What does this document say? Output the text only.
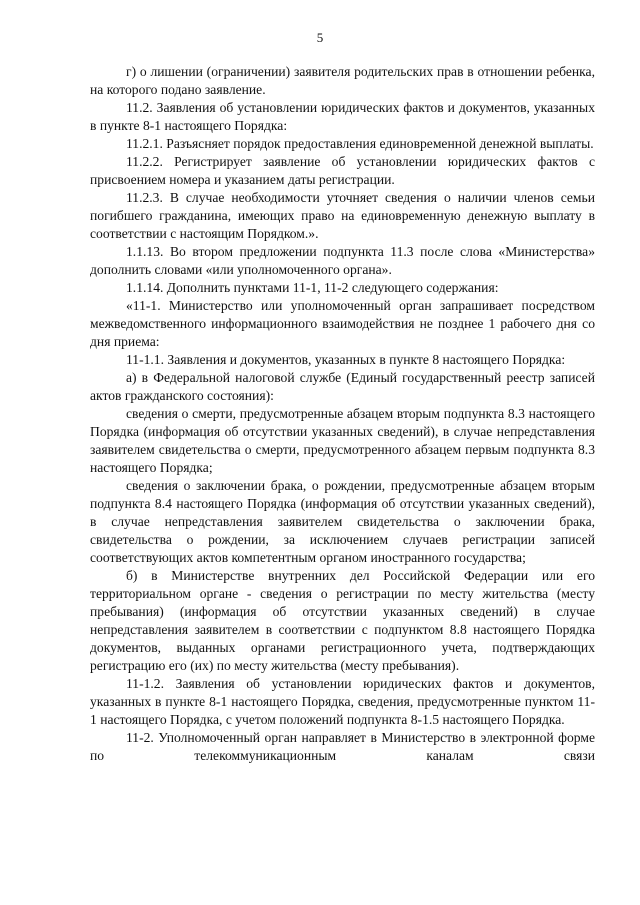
5

г) о лишении (ограничении) заявителя родительских прав в отношении ребенка, на которого подано заявление.

11.2. Заявления об установлении юридических фактов и документов, указанных в пункте 8-1 настоящего Порядка:

11.2.1. Разъясняет порядок предоставления единовременной денежной выплаты.

11.2.2. Регистрирует заявление об установлении юридических фактов с присвоением номера и указанием даты регистрации.

11.2.3. В случае необходимости уточняет сведения о наличии членов семьи погибшего гражданина, имеющих право на единовременную денежную выплату в соответствии с настоящим Порядком.».

1.1.13. Во втором предложении подпункта 11.3 после слова «Министерства» дополнить словами «или уполномоченного органа».

1.1.14. Дополнить пунктами 11-1, 11-2 следующего содержания:

«11-1. Министерство или уполномоченный орган запрашивает посредством межведомственного информационного взаимодействия не позднее 1 рабочего дня со дня приема:

11-1.1. Заявления и документов, указанных в пункте 8 настоящего Порядка:

а) в Федеральной налоговой службе (Единый государственный реестр записей актов гражданского состояния):

сведения о смерти, предусмотренные абзацем вторым подпункта 8.3 настоящего Порядка (информация об отсутствии указанных сведений), в случае непредставления заявителем свидетельства о смерти, предусмотренного абзацем первым подпункта 8.3 настоящего Порядка;

сведения о заключении брака, о рождении, предусмотренные абзацем вторым подпункта 8.4 настоящего Порядка (информация об отсутствии указанных сведений), в случае непредставления заявителем свидетельства о заключении брака, свидетельства о рождении, за исключением случаев регистрации записей соответствующих актов компетентным органом иностранного государства;

б) в Министерстве внутренних дел Российской Федерации или его территориальном органе - сведения о регистрации по месту жительства (месту пребывания) (информация об отсутствии указанных сведений) в случае непредставления заявителем в соответствии с подпунктом 8.8 настоящего Порядка документов, выданных органами регистрационного учета, подтверждающих регистрацию его (их) по месту жительства (месту пребывания).

11-1.2. Заявления об установлении юридических фактов и документов, указанных в пункте 8-1 настоящего Порядка, сведения, предусмотренные пунктом 11-1 настоящего Порядка, с учетом положений подпункта 8-1.5 настоящего Порядка.

11-2. Уполномоченный орган направляет в Министерство в электронной форме по телекоммуникационным каналам связи
